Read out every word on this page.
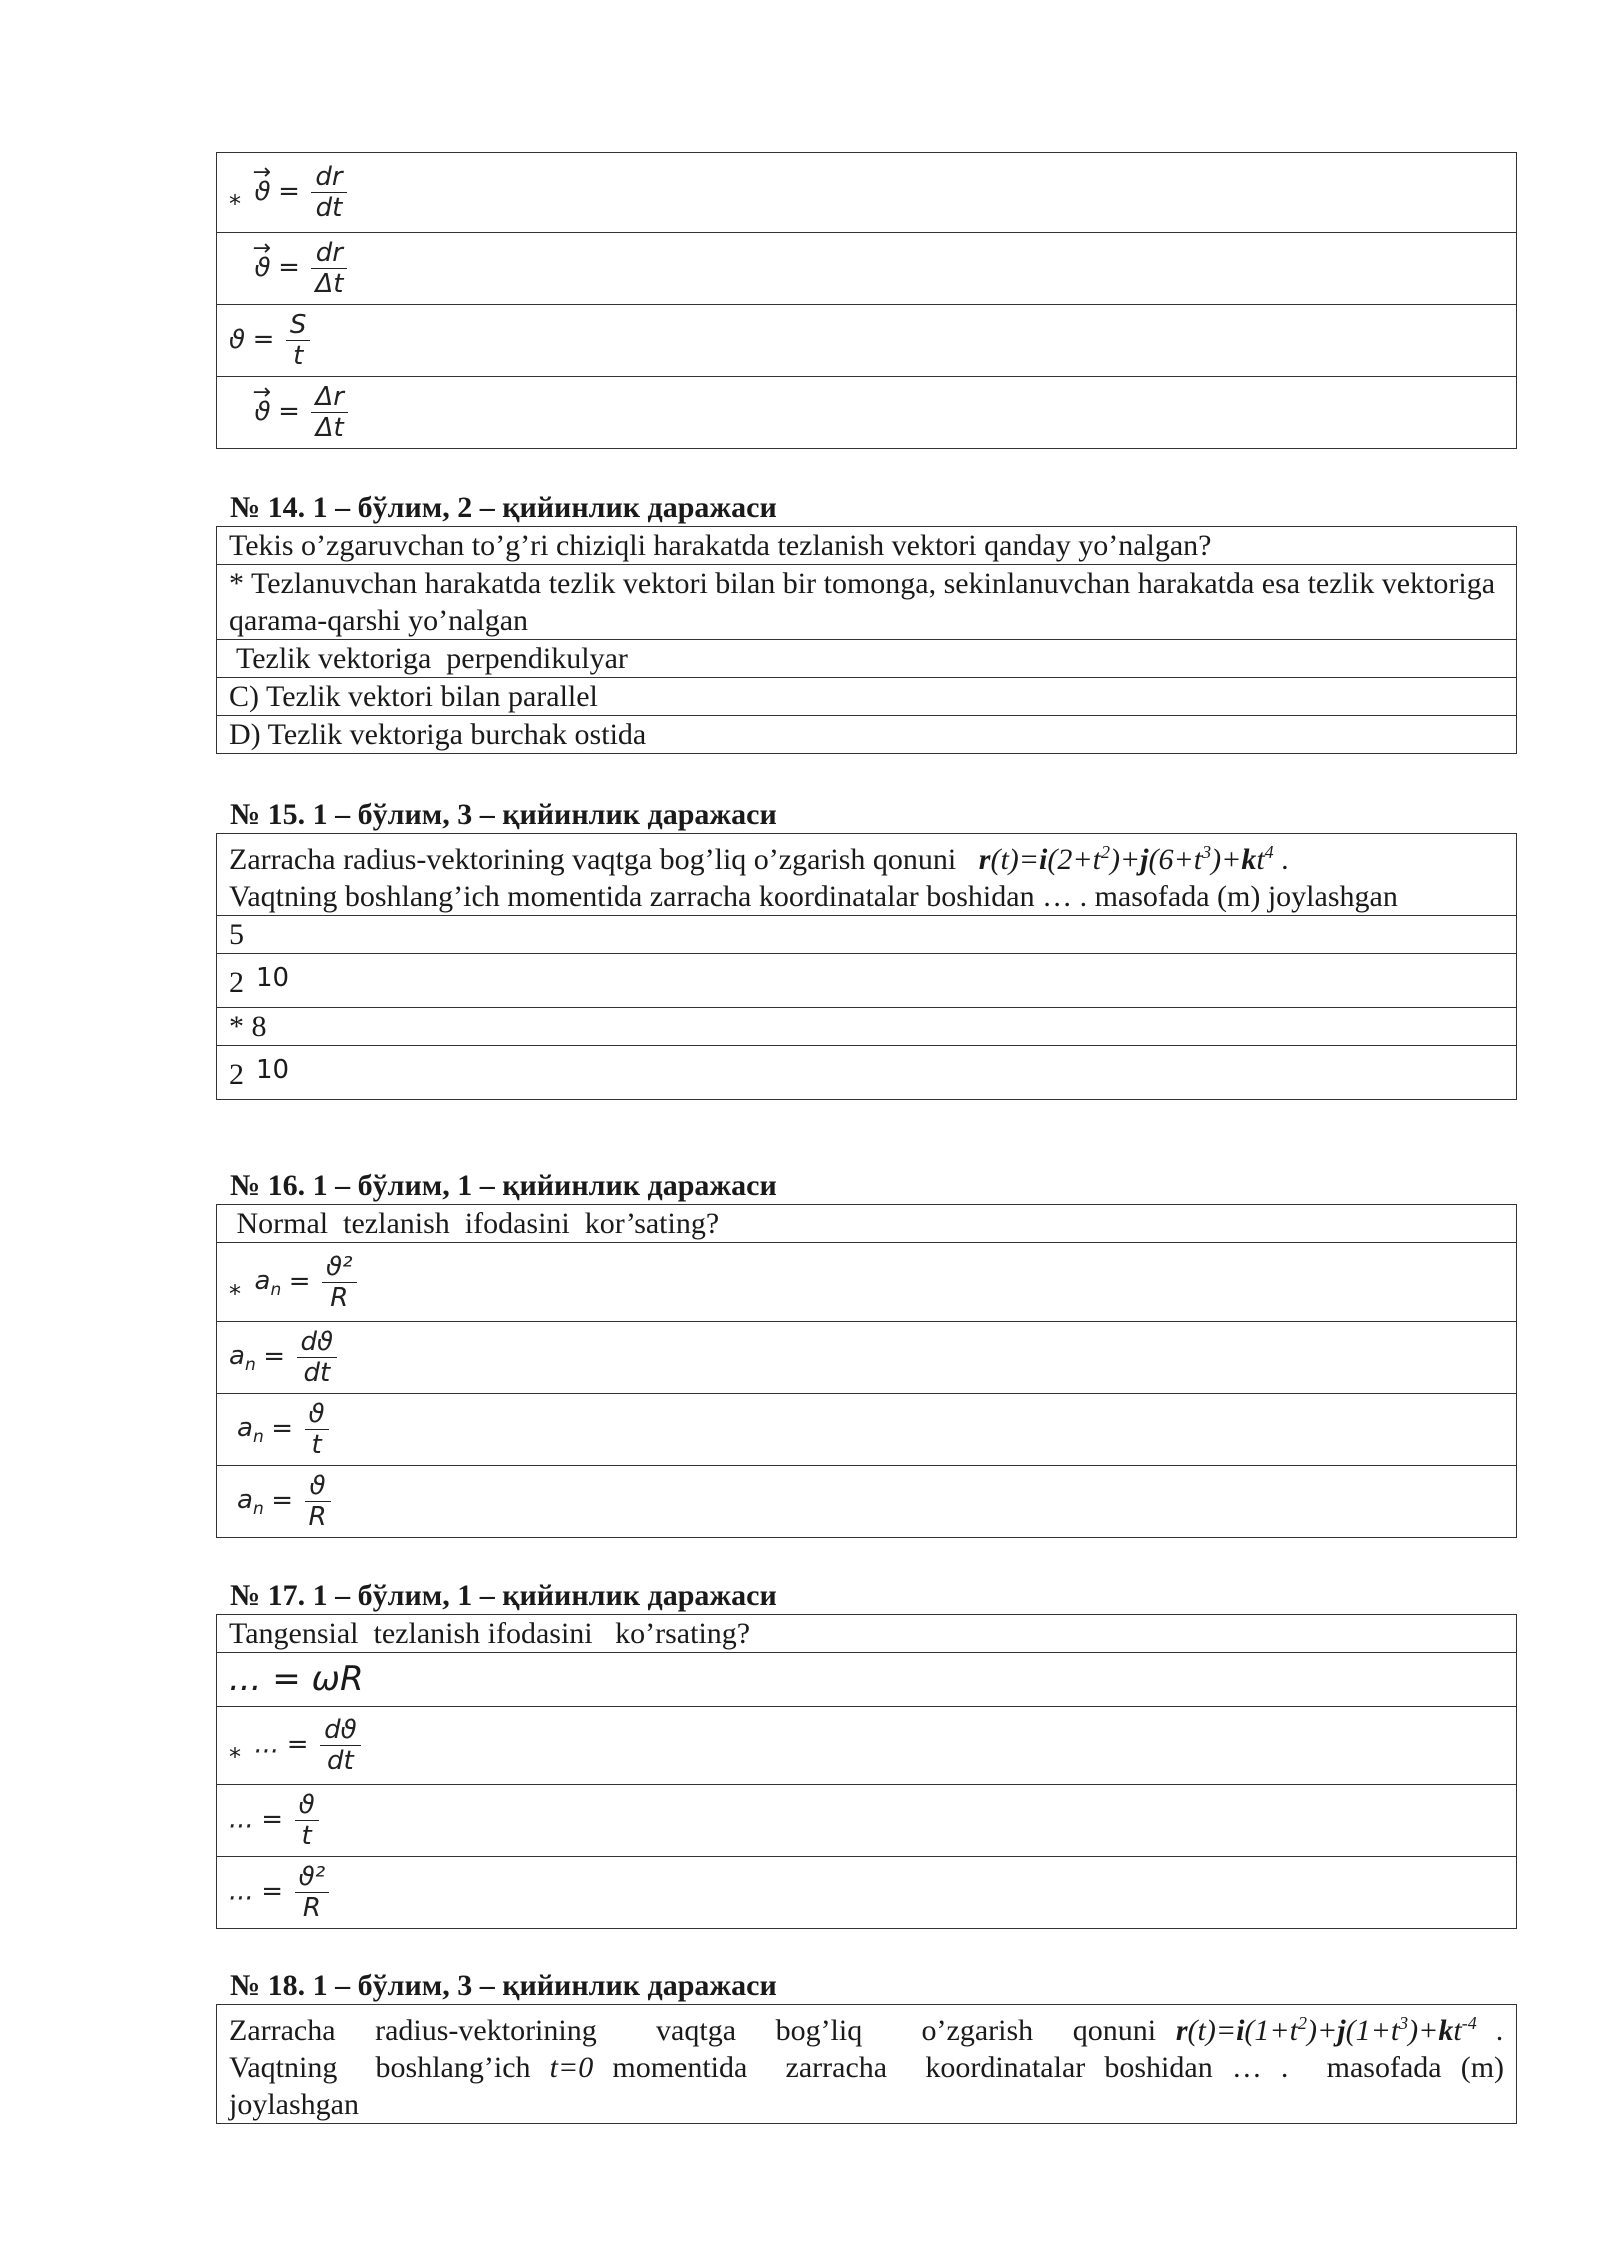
*
→
$ϑ = \frac{dr}{dt}$

→
$ϑ = \frac{dr}{\Delta t}$

$ϑ = \frac{S}{t}$

→
$ϑ = \frac{\Delta r}{\Delta t}$
№ 14. 1 – бўлим, 2 – қийинлик даражаси
Tekis o’zgaruvchan to’g’ri chiziqli harakatda tezlanish vektori qanday yo’nalgan?
* Tezlanuvchan harakatda tezlik vektori bilan bir tomonga, sekinlanuvchan harakatda esa tezlik vektoriga qarama-qarshi yo’nalgan
Tezlik vektoriga  perpendikulyar
C) Tezlik vektori bilan parallel
D) Tezlik vektoriga burchak ostida
№ 15. 1 – бўлим, 3 – қийинлик даражаси
Zarracha radius-vektorining vaqtga bog’liq o’zgarish qonuni $r(t)=i(2+t^2)+j(6+t^3)+kt^4$ .
Vaqtning boshlang’ich momentida zarracha koordinatalar boshidan … . masofada (m) joylashgan
5
2 10
* 8
2 10
№ 16. 1 – бўлим, 1 – қийинлик даражаси
Normal  tezlanish  ifodasini  kor’sating?
* $a_n = \frac{\text{ϑ²}}{R}$

$a_n = \frac{dϑ}{dt}$

$a_n = \frac{ϑ}{t}$

$a_n = \frac{ϑ}{R}$
№ 17. 1 – бўлим, 1 – қийинлик даражаси
Tangensial  tezlanish ifodasini   ko’rsating?
... = ωR
* ... = $\frac{dϑ}{dt}$

... = $\frac{ϑ}{t}$

... = $\frac{\text{ϑ²}}{R}$
№ 18. 1 – бўлим, 3 – қийинлик даражаси
Zarracha  radius-vektorining   vaqtga  bog’liq   o’zgarish  qonuni $r(t)=i(1+t^2)+j(1+t^3)+kt^{-4}$ .
Vaqtning  boshlang’ich t=0 momentida  zarracha  koordinatalar boshidan … .  masofada (m)
joylashgan
